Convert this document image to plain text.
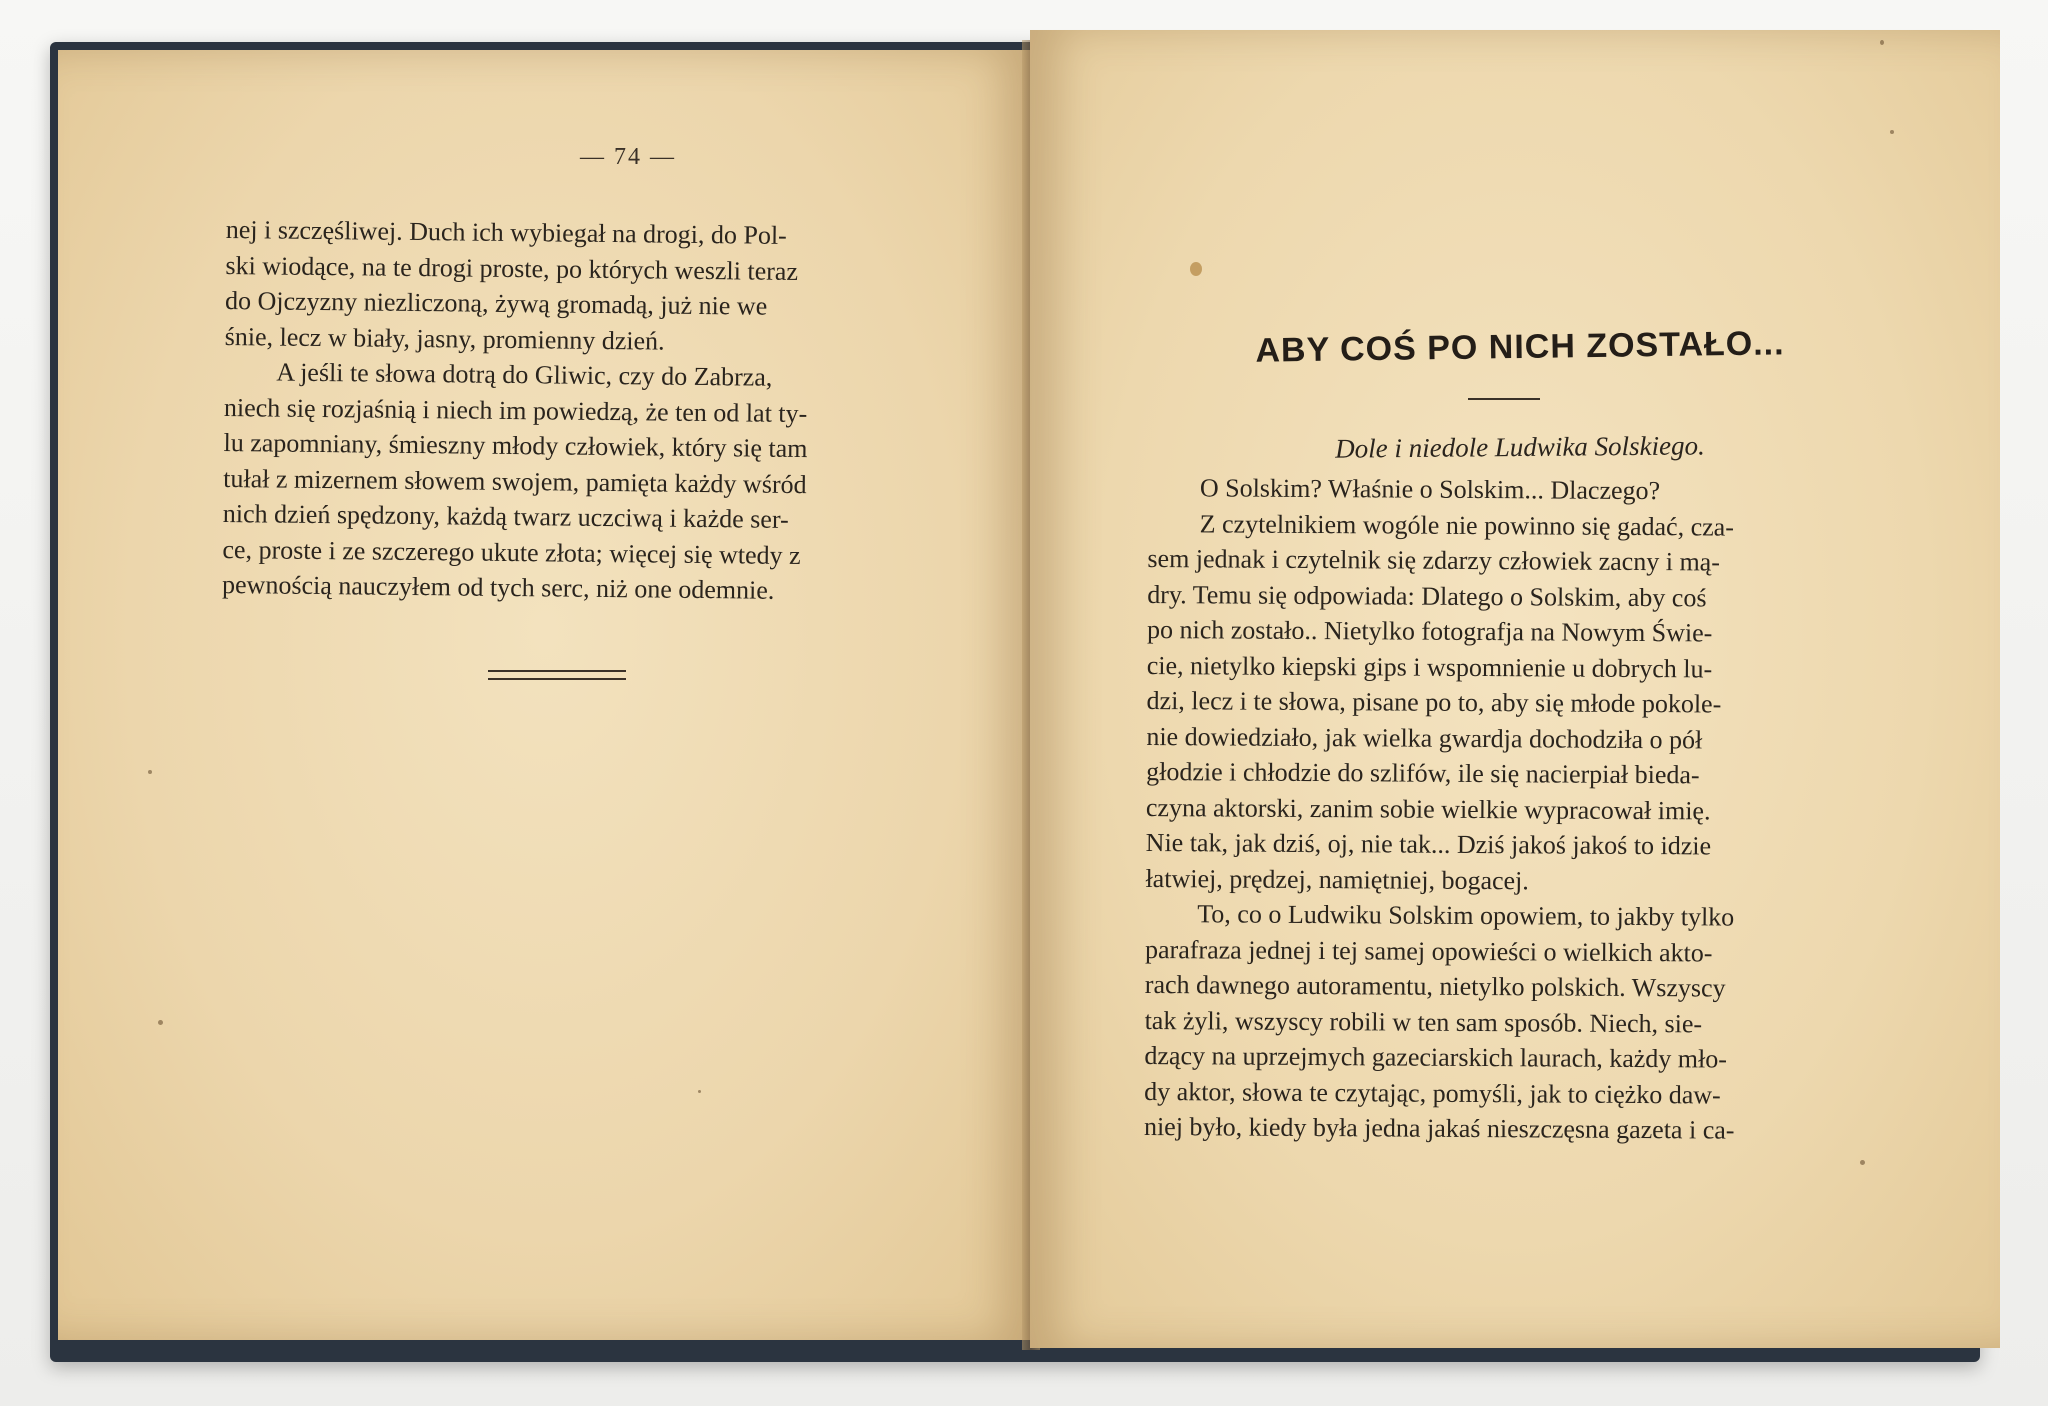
— 74 —
nej i szczęśliwej. Duch ich wybiegał na drogi, do Pol-
ski wiodące, na te drogi proste, po których weszli teraz
do Ojczyzny niezliczoną, żywą gromadą, już nie we
śnie, lecz w biały, jasny, promienny dzień.
A jeśli te słowa dotrą do Gliwic, czy do Zabrza,
niech się rozjaśnią i niech im powiedzą, że ten od lat ty-
lu zapomniany, śmieszny młody człowiek, który się tam
tułał z mizernem słowem swojem, pamięta każdy wśród
nich dzień spędzony, każdą twarz uczciwą i każde ser-
ce, proste i ze szczerego ukute złota; więcej się wtedy z
pewnością nauczyłem od tych serc, niż one odemnie.
ABY COŚ PO NICH ZOSTAŁO...
Dole i niedole Ludwika Solskiego.
O Solskim? Właśnie o Solskim... Dlaczego?
Z czytelnikiem wogóle nie powinno się gadać, cza-
sem jednak i czytelnik się zdarzy człowiek zacny i mą-
dry. Temu się odpowiada: Dlatego o Solskim, aby coś
po nich zostało.. Nietylko fotografja na Nowym Świe-
cie, nietylko kiepski gips i wspomnienie u dobrych lu-
dzi, lecz i te słowa, pisane po to, aby się młode pokole-
nie dowiedziało, jak wielka gwardja dochodziła o pół
głodzie i chłodzie do szlifów, ile się nacierpiał bieda-
czyna aktorski, zanim sobie wielkie wypracował imię.
Nie tak, jak dziś, oj, nie tak... Dziś jakoś jakoś to idzie
łatwiej, prędzej, namiętniej, bogacej.
To, co o Ludwiku Solskim opowiem, to jakby tylko
parafraza jednej i tej samej opowieści o wielkich akto-
rach dawnego autoramentu, nietylko polskich. Wszyscy
tak żyli, wszyscy robili w ten sam sposób. Niech, sie-
dzący na uprzejmych gazeciarskich laurach, każdy mło-
dy aktor, słowa te czytając, pomyśli, jak to ciężko daw-
niej było, kiedy była jedna jakaś nieszczęsna gazeta i ca-
